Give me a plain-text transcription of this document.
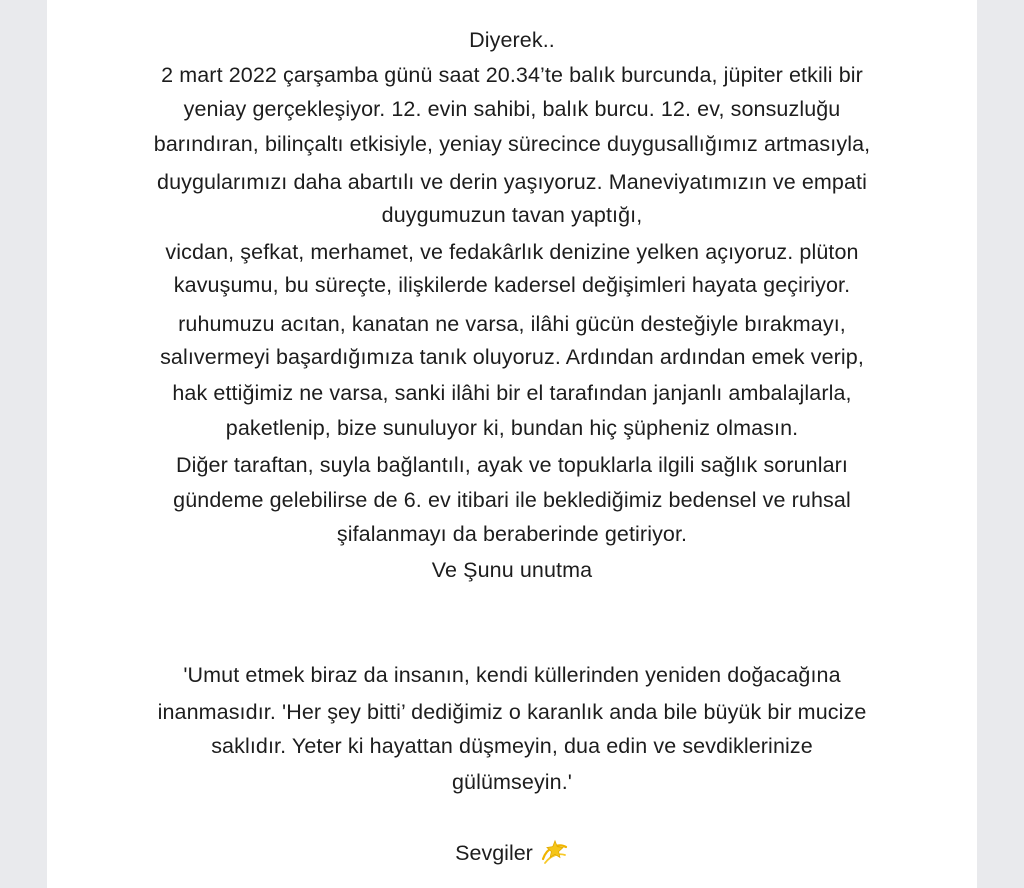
Diyerek..
2 mart 2022 çarşamba günü saat 20.34’te balık burcunda, jüpiter etkili bir
yeniay gerçekleşiyor. 12. evin sahibi, balık burcu. 12. ev, sonsuzluğu
barındıran, bilinçaltı etkisiyle, yeniay sürecince duygusallığımız artmasıyla,
duygularımızı daha abartılı ve derin yaşıyoruz. Maneviyatımızın ve empati
duygumuzun tavan yaptığı,
vicdan, şefkat, merhamet, ve fedakârlık denizine yelken açıyoruz. plüton
kavuşumu, bu süreçte, ilişkilerde kadersel değişimleri hayata geçiriyor.
ruhumuzu acıtan, kanatan ne varsa, ilâhi gücün desteğiyle bırakmayı,
salıvermeyi başardığımıza tanık oluyoruz. Ardından ardından emek verip,
hak ettiğimiz ne varsa, sanki ilâhi bir el tarafından janjanlı ambalajlarla,
paketlenip, bize sunuluyor ki, bundan hiç şüpheniz olmasın.
Diğer taraftan, suyla bağlantılı, ayak ve topuklarla ilgili sağlık sorunları
gündeme gelebilirse de 6. ev itibari ile beklediğimiz bedensel ve ruhsal
şifalanmayı da beraberinde getiriyor.
Ve Şunu unutma
'Umut etmek biraz da insanın, kendi küllerinden yeniden doğacağına
inanmasıdır. 'Her şey bitti’ dediğimiz o karanlık anda bile büyük bir mucize
saklıdır. Yeter ki hayattan düşmeyin, dua edin ve sevdiklerinize
gülümseyin.'
Sevgiler
